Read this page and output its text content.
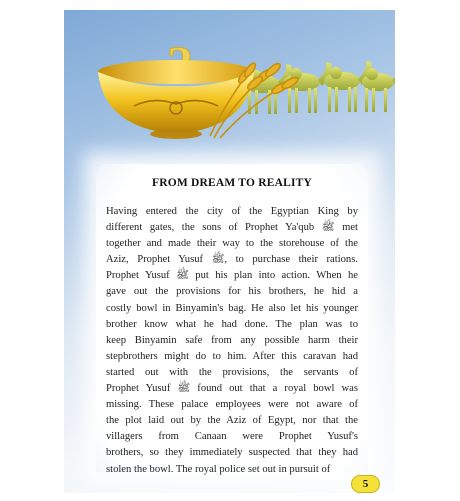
FROM DREAM TO REALITY
Having entered the city of the Egyptian King by
different gates, the sons of Prophet Ya'qub ﷺ met
together and made their way to the storehouse of the
Aziz, Prophet Yusuf ﷺ, to purchase their rations.
Prophet Yusuf ﷺ put his plan into action. When he
gave out the provisions for his brothers, he hid a
costly bowl in Binyamin's bag. He also let his younger
brother know what he had done. The plan was to
keep Binyamin safe from any possible harm their
stepbrothers might do to him. After this caravan had
started out with the provisions, the servants of
Prophet Yusuf ﷺ found out that a royal bowl was
missing. These palace employees were not aware of
the plot laid out by the Aziz of Egypt, nor that the
villagers from Canaan were Prophet Yusuf's
brothers, so they immediately suspected that they had
stolen the bowl. The royal police set out in pursuit of
5
